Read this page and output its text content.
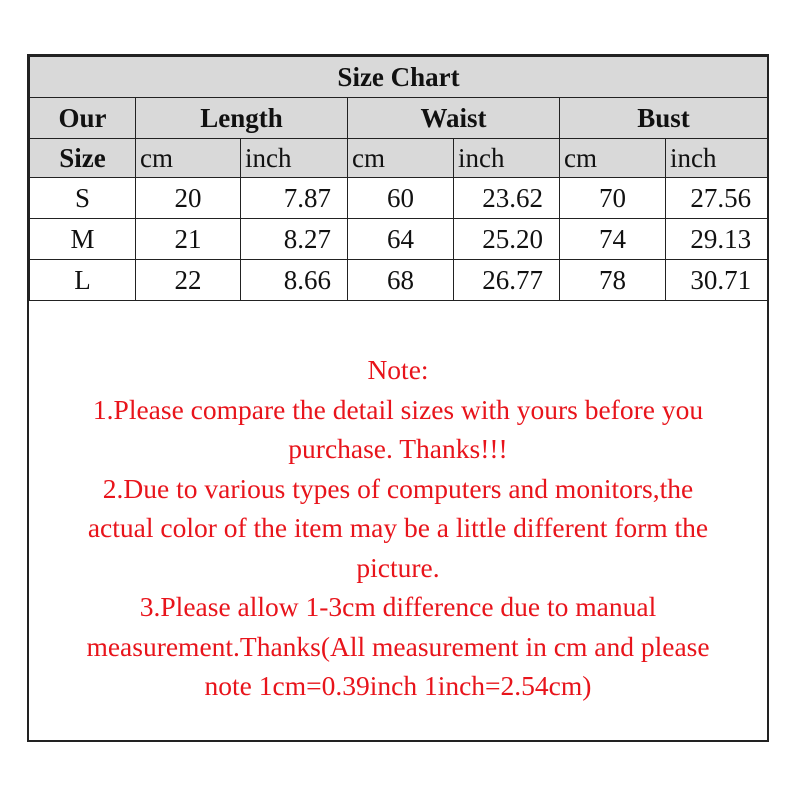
Size Chart						
Our	Length		Waist		Bust	
Size	cm	inch	cm	inch	cm	inch
S	20	7.87	60	23.62	70	27.56
M	21	8.27	64	25.20	74	29.13
L	22	8.66	68	26.77	78	30.71
Note:
1.Please compare the detail sizes with yours before you
purchase. Thanks!!!
2.Due to various types of computers and monitors,the
actual color of the item may be a little different form the
picture.
3.Please allow 1-3cm difference due to manual
measurement.Thanks(All measurement in cm and please
note 1cm=0.39inch 1inch=2.54cm)
